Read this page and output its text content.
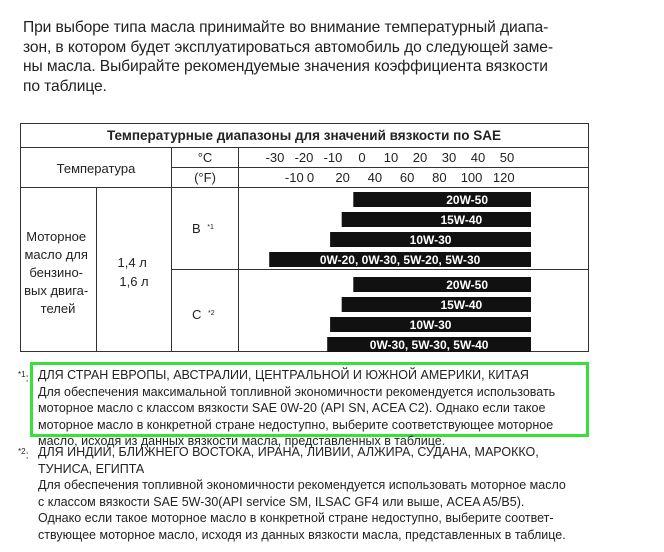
При выборе типа масла принимайте во внимание температурный диапа-
зон, в котором будет эксплуатироваться автомобиль до следующей заме-
ны масла. Выбирайте рекомендуемые значения коэффициента вязкости
по таблице.
Температурные диапазоны для значений вязкости по SAE
Температура
°C
(°F)
-30 -20 -10 0 10 20 30 40 50
-10 0 20 40 60 80 100 120
Моторное масло для бензино- вых двига- телей
1,4 л 1,6 л
В $^{*1}$
С $^{*2}$
20W-50
15W-40
10W-30
0W-20, 0W-30, 5W-20, 5W-30
20W-50
15W-40
10W-30
0W-30, 5W-30, 5W-40
$^{*1}$: ДЛЯ СТРАН ЕВРОПЫ, АВСТРАЛИИ, ЦЕНТРАЛЬНОЙ И ЮЖНОЙ АМЕРИКИ, КИТАЯ
Для обеспечения максимальной топливной экономичности рекомендуется использовать
моторное масло с классом вязкости SAE 0W-20 (API SN, ACEA C2). Однако если такое
моторное масло в конкретной стране недоступно, выберите соответствующее моторное
масло, исходя из данных вязкости масла, представленных в таблице.
$^{*2}$: ДЛЯ ИНДИИ, БЛИЖНЕГО ВОСТОКА, ИРАНА, ЛИВИИ, АЛЖИРА, СУДАНА, МАРОККО,
ТУНИСА, ЕГИПТА
Для обеспечения топливной экономичности рекомендуется использовать моторное масло
с классом вязкости SAE 5W-30(API service SM, ILSAC GF4 или выше, ACEA A5/B5).
Однако если такое моторное масло в конкретной стране недоступно, выберите соответ-
ствующее моторное масло, исходя из данных вязкости масла, представленных в таблице.
